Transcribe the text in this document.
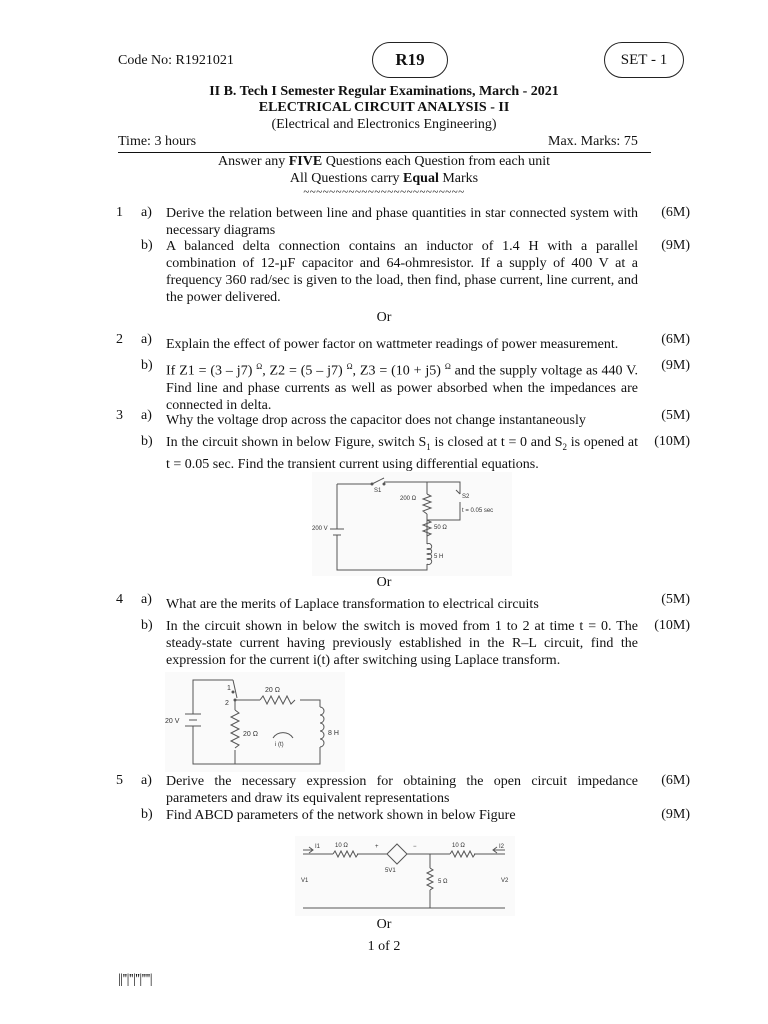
Code No: R1921021	R19	SET - 1
II B. Tech I Semester Regular Examinations, March - 2021
ELECTRICAL CIRCUIT ANALYSIS - II
(Electrical and Electronics Engineering)
Time: 3 hours	Max. Marks: 75
Answer any FIVE Questions each Question from each unit
All Questions carry Equal Marks
~~~~~~~~~~~~~~~~~~~~~~~~~
1	a)	Derive the relation between line and phase quantities in star connected system with necessary diagrams
(6M)
b) A balanced delta connection contains an inductor of 1.4 H with a parallel combination of 12-µF capacitor and 64-ohmresistor. If a supply of 400 V at a frequency 360 rad/sec is given to the load, then find, phase current, line current, and the power delivered.
(9M)
Or
2	a)	Explain the effect of power factor on wattmeter readings of power measurement.	(6M)
b) If Z1 = (3 – j7) $^\Omega$, Z2 = (5 – j7) $^\Omega$, Z3 = (10 + j5) $^\Omega$ and the supply voltage as 440 V. Find line and phase currents as well as power absorbed when the impedances are connected in delta.
(9M)
3	a)	Why the voltage drop across the capacitor does not change instantaneously	(5M)
b) In the circuit shown in below Figure, switch $S_1$ is closed at t = 0 and $S_2$ is opened at t = 0.05 sec. Find the transient current using differential equations.
(10M)
S1
200 Ω	S2
t = 0.05 sec
50 Ω
200 V
5 H
Or
4	a)	What are the merits of Laplace transformation to electrical circuits	(5M)
b) In the circuit shown in below the switch is moved from 1 to 2 at time t = 0. The steady-state current having previously established in the R–L circuit, find the expression for the current i(t) after switching using Laplace transform.
(10M)
1
2
20 Ω
20 V
20 Ω
i (t)
8 H
5	a)	Derive the necessary expression for obtaining the open circuit impedance parameters and draw its equivalent representations
(6M)
b) Find ABCD parameters of the network shown in below Figure	(9M)
I1 10 Ω	+	−	10 Ω	I2
5V1
V1	5 Ω	V2
Or
1 of 2
||''|''|''|''''|
